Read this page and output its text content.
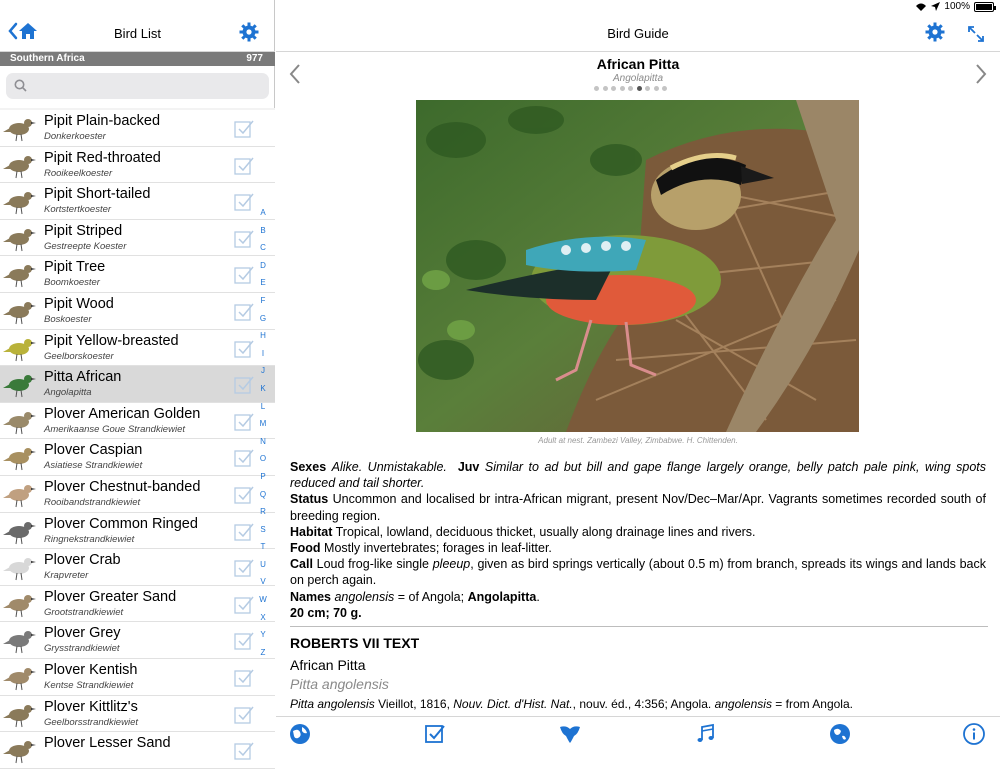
100%
Bird List
Southern Africa	977
Pipit Plain-backed
Donkerkoester
Pipit Red-throated
Rooikeelkoester
Pipit Short-tailed
Kortstertkoester
Pipit Striped
Gestreepte Koester
Pipit Tree
Boomkoester
Pipit Wood
Boskoester
Pipit Yellow-breasted
Geelborskoester
Pitta African
Angolapitta
Plover American Golden
Amerikaanse Goue Strandkiewiet
Plover Caspian
Asiatiese Strandkiewiet
Plover Chestnut-banded
Rooibandstrandkiewiet
Plover Common Ringed
Ringnekstrandkiewiet
Plover Crab
Krapvreter
Plover Greater Sand
Grootstrandkiewiet
Plover Grey
Grysstrandkiewiet
Plover Kentish
Kentse Strandkiewiet
Plover Kittlitz's
Geelborsstrandkiewiet
Plover Lesser Sand
A
B
C
D
E
F
G
H
I
J
K
L
M
N
O
P
Q
R
S
T
U
V
W
X
Y
Z
Bird Guide
African Pitta
Angolapitta
Adult at nest. Zambezi Valley, Zimbabwe. H. Chittenden.
Sexes Alike. Unmistakable. Juv Similar to ad but bill and gape flange largely orange, belly patch pale pink, wing spots reduced and tail shorter.
Status Uncommon and localised br intra-African migrant, present Nov/Dec–Mar/Apr. Vagrants sometimes recorded south of breeding region.
Habitat Tropical, lowland, deciduous thicket, usually along drainage lines and rivers.
Food Mostly invertebrates; forages in leaf-litter.
Call Loud frog-like single pleeup, given as bird springs vertically (about 0.5 m) from branch, spreads its wings and lands back on perch again.
Names angolensis = of Angola; Angolapitta.
20 cm; 70 g.
ROBERTS VII TEXT
African Pitta
Pitta angolensis
Pitta angolensis Vieillot, 1816, Nouv. Dict. d'Hist. Nat., nouv. éd., 4:356; Angola. angolensis = from Angola.
